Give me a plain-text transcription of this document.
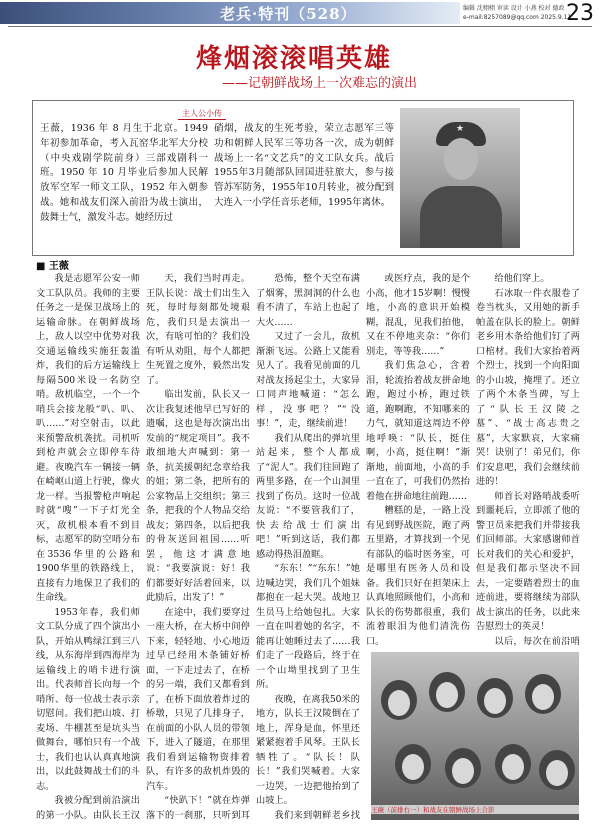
老兵·特刊（528）	编辑 沈栩栩 审读 设计 小燕 校对 德政
e-mail:8257089@qq.com 2025.9.11
23
烽烟滚滚唱英雄
——记朝鲜战场上一次难忘的演出
主人公小传
王薇，1936 年 8 月生于北京。1949 年初参加革命，考入瓦窑华北军大分校（中央戏剧学院前身）三部戏剧科一班。1950 年 10 月毕业后参加人民解放军空军一师文工队，1952 年入朝参战。她和战友们深入前沿为战士演出，鼓舞士气，激发斗志。她经历过
硝烟，战友的生死考验，荣立志愿军三等功和朝鲜人民军三等功各一次，成为朝鲜战场上一名“文艺兵”的文工队女兵。战后1955年3月随部队回国进驻旅大，参与接管苏军防务，1955年10月转业，被分配到大连入一小学任音乐老师，1995年离休。
★
■ 王薇

我是志愿军公安一师文工队队员。我师的主要任务之一是保卫战场上的运输命脉。在朝鲜战场上，敌人以空中优势对我交通运输线实施狂轰滥炸，我们的后方运输线上每隔500米设一名防空哨。敌机临空，一个一个哨兵会接龙般“叭、叭、叭……”对空射击，以此来预警敌机袭扰。司机听到枪声就会立即停车待避。夜晚汽车一辆接一辆在崎岖山道上行驶，像火龙一样。当报警枪声响起时就“嗖”一下子灯光全灭，敌机根本看不到目标，志愿军的防空哨分布在3536华里的公路和1900华里的铁路线上，直接有力地保卫了我们的生命线。

1953年春，我们师文工队分成了四个演出小队，开始从鸭绿江到三八线，从东海岸到西海岸为运输线上的哨卡进行演出。代表师首长向每一个哨所、每一位战士表示亲切慰问。我们把山坡、打麦场、牛棚甚至是坑头当做舞台，哪怕只有一个战士，我们也认认真真地演出，以此鼓舞战士们的斗志。

我被分配到前沿演出的第一小队。由队长王汉

天，我们当时再走。王队长说：战士们出生入死，每时每刻都处境艰危，我们只是去演出一次，有啥可怕的？我们没有听从劝阻，每个人都把生死置之度外，毅然出发了。

临出发前，队长又一次让我复述他早已写好的遗嘱，这也是每次演出出发前的“规定项目”。我不敢细地大声喊到：第一条，抗美援朝纪念章给我的姐；第二条，把所有的公家物品上交组织；第三条，把我的个人物品交给战友；第四条，以后把我的骨灰送回祖国……听罢，他这才满意地说：“我要演说：好！我们都要好好活着回来，以此励后，出发了！”

在途中，我们要穿过一座大桥，在大桥中间停下来，轻轻地、小心地迈过早已经用木条铺好桥面，一下走过去了，在桥的另一端，我们又都看到了，在桥下面放着炸过的桥墩，只见了几排身子，在前面的小队人员的带领下，进入了隧道，在那里我们看到运输物资排着队，有许多的敌机炸毁的汽车。

“快趴下！”就在炸弹落下的一刹那，只听到耳

恐怖，整个天空布满了烟雾，黑洞洞的什么也看不清了，车站上也起了大火……

又过了一会儿，敌机渐渐飞远。公路上又能看见人了。我看见前面的几对战友扬起尘土，大家异口同声地喊道：“怎么样，没事吧？”“没事！”，走，继续前进！

我们从爬出的弹坑里站起来，整个人都成了“泥人”。我们往回跑了两里多路，在一个山洞里找到了伤员。这时一位战友说：“不要管我们了，快去给战士们演出吧！”听到这话，我们都感动得热泪盈眶。

“东东！”“东东！”她边喊边哭，我们几个姐妹都抱在一起大哭。战地卫生员马上给她包扎。大家一直在叫着她的名字，不能再让她睡过去了……我们走了一段路后，终于在一个山坳里找到了卫生所。

夜晚，在离我50米的地方，队长王汉陵倒在了地上，浑身是血，怀里还紧紧抱着手风琴。王队长牺牲了。“队长！队长！”我们哭喊着。大家一边哭，一边把他抬到了山坡上。

我们来到朝鲜老乡找

或医疗点，我的是个小高，他才15岁啊！慢慢地，小高的意识开始模糊，混乱，见我们拍他，又在不停地夹杂：“你们别走，等等我……”

我们焦急心，含着泪，轮流抬着战友拼命地跑，跑过小桥，跑过铁道，跑啊跑，不知哪来的力气，就知道这周边不停地呼唤：“队长，挺住啊，小高，挺住啊！”渐渐地，前面地，小高的手一直在了，可我们仍然抬着他在拼命地往前跑……

糟糕的是，一路上没有见到野战医院，跑了两五里路，才算找到一个见有部队的临时医务室，可是哪里有医务人员和设备。我们只好在担架床上认真地照顾他们，小高和队长的伤势都很重，我们流着眼泪为他们清洗伤口。

给他们穿上。

石冰取一件衣服卷了卷当枕头，又用她的新手帕盖在队长的脸上。朝鲜老乡用木条给他们钉了两口棺材。我们大家抬着两个烈士，找到一个向阳面的小山坡，掩埋了。还立了两个木条当碑，写上了“队长王汉陵之墓”、“战士高志贵之墓”，大家默哀，大家痛哭！诀别了！弟兄们，你们安息吧，我们会继续前进的！

师首长对路哨战委听到噩耗后，立即派了他的警卫员来把我们并带接我们回师部。大家感谢师首长对我们的关心和爱护，但是我们都示坚决不回去，一定要踏着烈士的血迹前进，要将继续为部队战士演出的任务，以此来告慰烈士的英灵！

以后，每次在前沿哨

王薇（前排右一）和战友在朝鲜战场上合影
